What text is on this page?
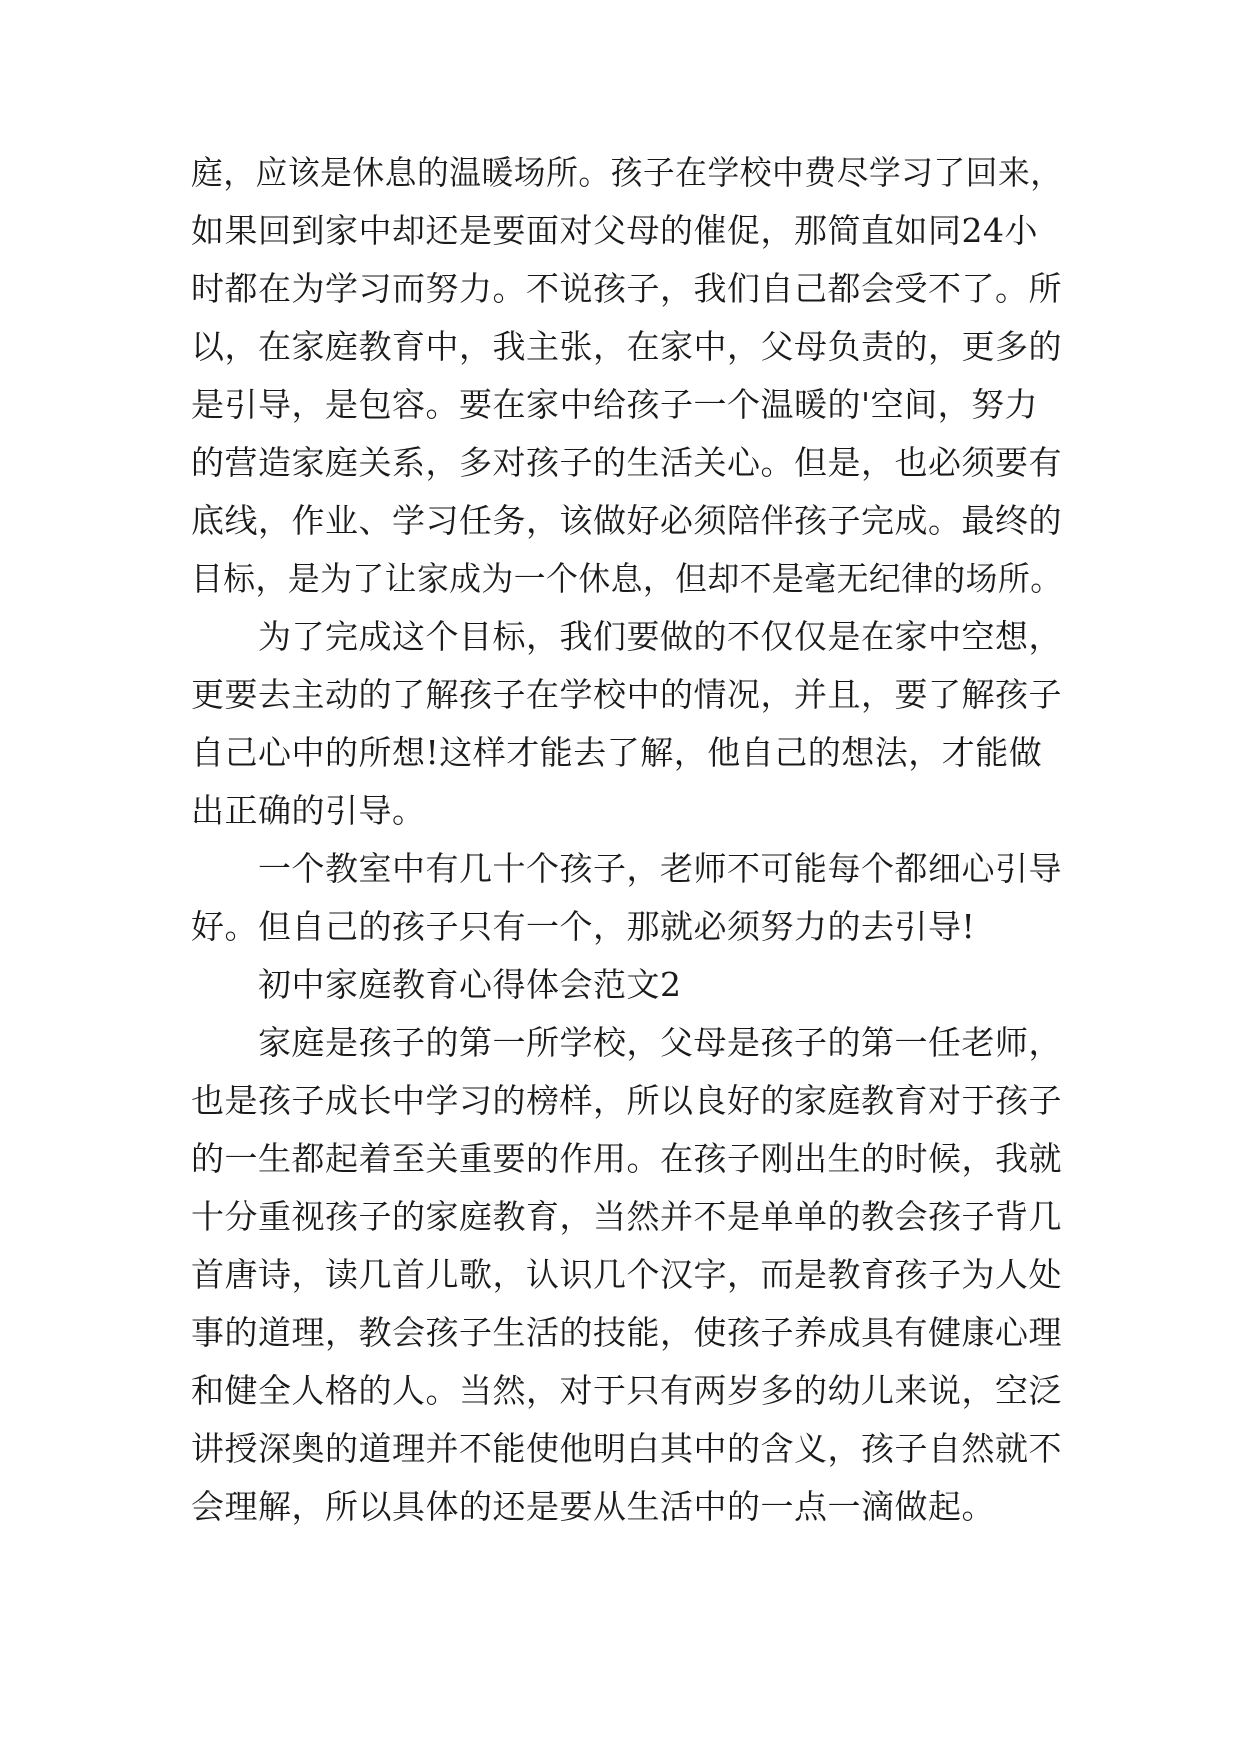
庭，应该是休息的温暖场所。孩子在学校中费尽学习了回来，
如果回到家中却还是要面对父母的催促，那简直如同24小
时都在为学习而努力。不说孩子，我们自己都会受不了。所
以，在家庭教育中，我主张，在家中，父母负责的，更多的
是引导，是包容。要在家中给孩子一个温暖的'空间，努力
的营造家庭关系，多对孩子的生活关心。但是，也必须要有
底线，作业、学习任务，该做好必须陪伴孩子完成。最终的
目标，是为了让家成为一个休息，但却不是毫无纪律的场所。
为了完成这个目标，我们要做的不仅仅是在家中空想，
更要去主动的了解孩子在学校中的情况，并且，要了解孩子
自己心中的所想!这样才能去了解，他自己的想法，才能做
出正确的引导。
一个教室中有几十个孩子，老师不可能每个都细心引导
好。但自己的孩子只有一个，那就必须努力的去引导!
初中家庭教育心得体会范文2
家庭是孩子的第一所学校，父母是孩子的第一任老师，
也是孩子成长中学习的榜样，所以良好的家庭教育对于孩子
的一生都起着至关重要的作用。在孩子刚出生的时候，我就
十分重视孩子的家庭教育，当然并不是单单的教会孩子背几
首唐诗，读几首儿歌，认识几个汉字，而是教育孩子为人处
事的道理，教会孩子生活的技能，使孩子养成具有健康心理
和健全人格的人。当然，对于只有两岁多的幼儿来说，空泛
讲授深奥的道理并不能使他明白其中的含义，孩子自然就不
会理解，所以具体的还是要从生活中的一点一滴做起。
